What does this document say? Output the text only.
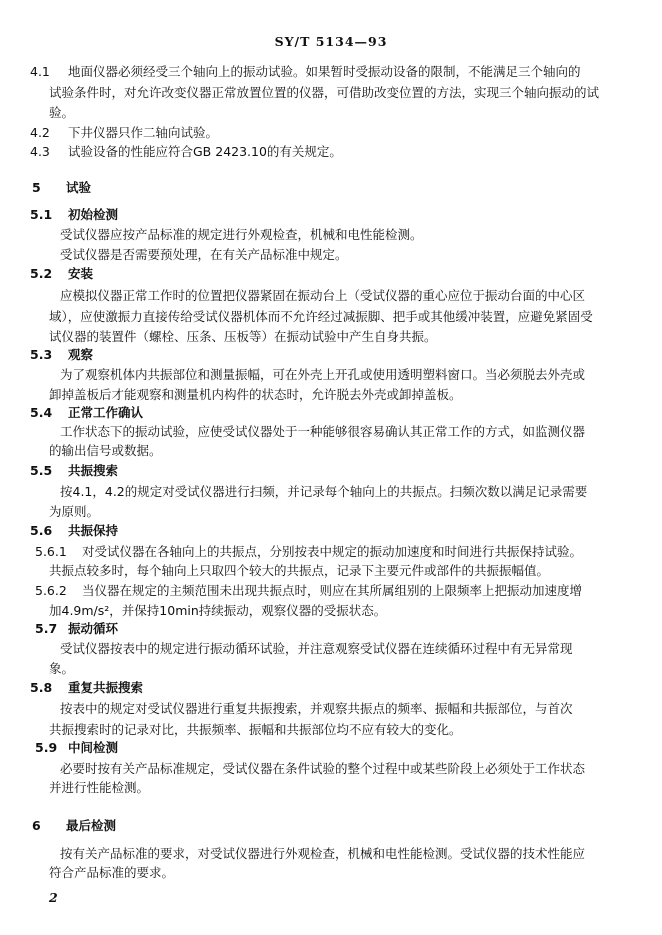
SY/T 5134—93
4.1 地面仪器必须经受三个轴向上的振动试验。如果暂时受振动设备的限制，不能满足三个轴向的
试验条件时，对允许改变仪器正常放置位置的仪器，可借助改变位置的方法，实现三个轴向振动的试
验。
4.2 下井仪器只作二轴向试验。
4.3 试验设备的性能应符合GB 2423.10的有关规定。
5 试验
5.1 初始检测
受试仪器应按产品标准的规定进行外观检查，机械和电性能检测。
受试仪器是否需要预处理，在有关产品标准中规定。
5.2 安装
应模拟仪器正常工作时的位置把仪器紧固在振动台上（受试仪器的重心应位于振动台面的中心区
域），应使激振力直接传给受试仪器机体而不允许经过减振脚、把手或其他缓冲装置，应避免紧固受
试仪器的装置件（螺栓、压条、压板等）在振动试验中产生自身共振。
5.3 观察
为了观察机体内共振部位和测量振幅，可在外壳上开孔或使用透明塑料窗口。当必须脱去外壳或
卸掉盖板后才能观察和测量机内构件的状态时，允许脱去外壳或卸掉盖板。
5.4 正常工作确认
工作状态下的振动试验，应使受试仪器处于一种能够很容易确认其正常工作的方式，如监测仪器
的输出信号或数据。
5.5 共振搜索
按4.1，4.2的规定对受试仪器进行扫频，并记录每个轴向上的共振点。扫频次数以满足记录需要
为原则。
5.6 共振保持
5.6.1 对受试仪器在各轴向上的共振点，分别按表中规定的振动加速度和时间进行共振保持试验。
共振点较多时，每个轴向上只取四个较大的共振点，记录下主要元件或部件的共振振幅值。
5.6.2 当仪器在规定的主频范围未出现共振点时，则应在其所属组别的上限频率上把振动加速度增
加4.9m/s²，并保持10min持续振动，观察仪器的受振状态。
5.7 振动循环
受试仪器按表中的规定进行振动循环试验，并注意观察受试仪器在连续循环过程中有无异常现
象。
5.8 重复共振搜索
按表中的规定对受试仪器进行重复共振搜索，并观察共振点的频率、振幅和共振部位，与首次
共振搜索时的记录对比，共振频率、振幅和共振部位均不应有较大的变化。
5.9 中间检测
必要时按有关产品标准规定，受试仪器在条件试验的整个过程中或某些阶段上必须处于工作状态
并进行性能检测。
6 最后检测
按有关产品标准的要求，对受试仪器进行外观检查，机械和电性能检测。受试仪器的技术性能应
符合产品标准的要求。
2
